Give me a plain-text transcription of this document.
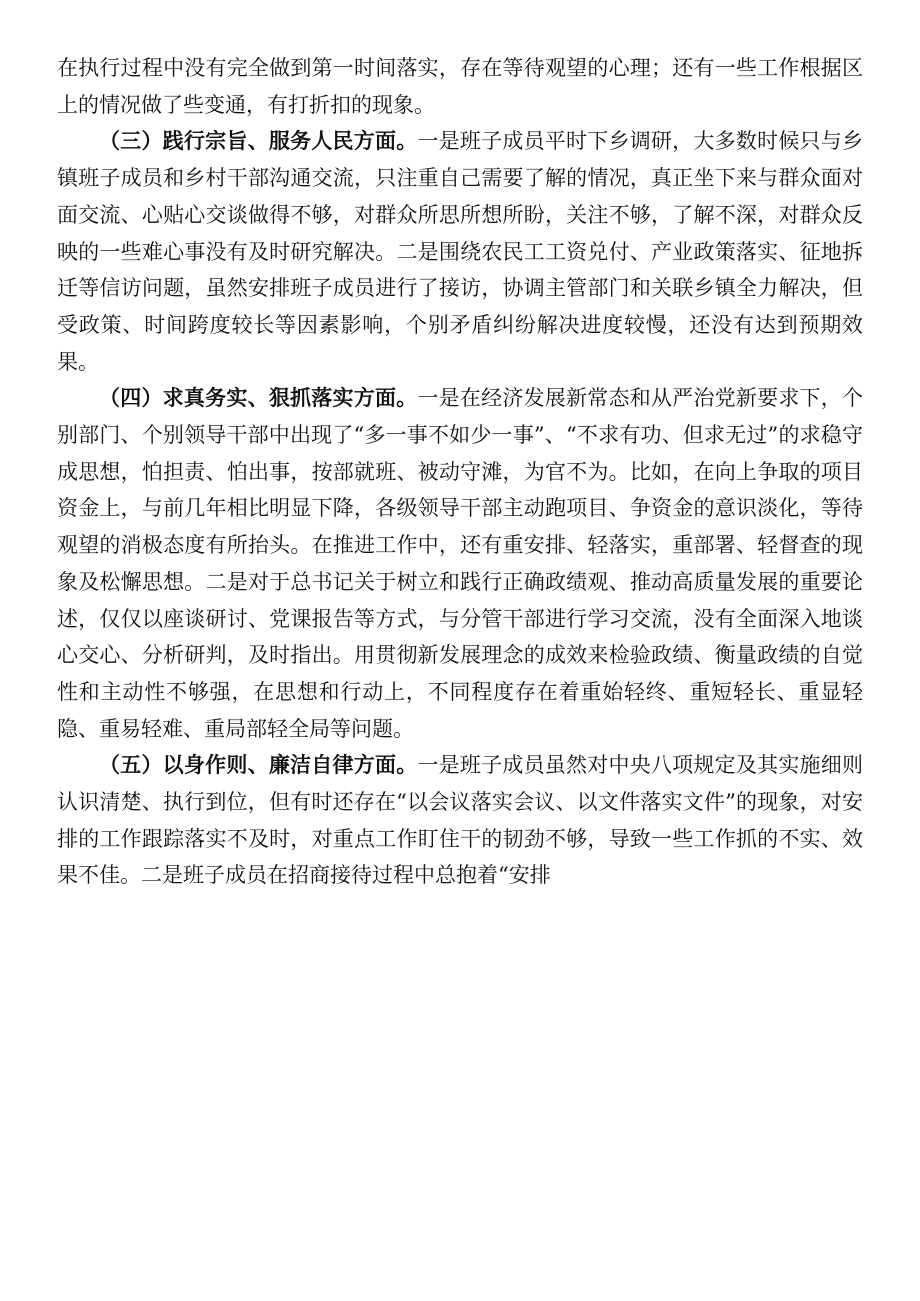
在执行过程中没有完全做到第一时间落实，存在等待观望的心理；还有一些工作根据区上的情况做了些变通，有打折扣的现象。

（三）践行宗旨、服务人民方面。一是班子成员平时下乡调研，大多数时候只与乡镇班子成员和乡村干部沟通交流，只注重自己需要了解的情况，真正坐下来与群众面对面交流、心贴心交谈做得不够，对群众所思所想所盼，关注不够，了解不深，对群众反映的一些难心事没有及时研究解决。二是围绕农民工工资兑付、产业政策落实、征地拆迁等信访问题，虽然安排班子成员进行了接访，协调主管部门和关联乡镇全力解决，但受政策、时间跨度较长等因素影响，个别矛盾纠纷解决进度较慢，还没有达到预期效果。

（四）求真务实、狠抓落实方面。一是在经济发展新常态和从严治党新要求下，个别部门、个别领导干部中出现了“多一事不如少一事”、“不求有功、但求无过”的求稳守成思想，怕担责、怕出事，按部就班、被动守滩，为官不为。比如，在向上争取的项目资金上，与前几年相比明显下降，各级领导干部主动跑项目、争资金的意识淡化，等待观望的消极态度有所抬头。在推进工作中，还有重安排、轻落实，重部署、轻督查的现象及松懈思想。二是对于总书记关于树立和践行正确政绩观、推动高质量发展的重要论述，仅仅以座谈研讨、党课报告等方式，与分管干部进行学习交流，没有全面深入地谈心交心、分析研判，及时指出。用贯彻新发展理念的成效来检验政绩、衡量政绩的自觉性和主动性不够强，在思想和行动上，不同程度存在着重始轻终、重短轻长、重显轻隐、重易轻难、重局部轻全局等问题。

（五）以身作则、廉洁自律方面。一是班子成员虽然对中央八项规定及其实施细则认识清楚、执行到位，但有时还存在“以会议落实会议、以文件落实文件”的现象，对安排的工作跟踪落实不及时，对重点工作盯住干的韧劲不够，导致一些工作抓的不实、效果不佳。二是班子成员在招商接待过程中总抱着“安排
